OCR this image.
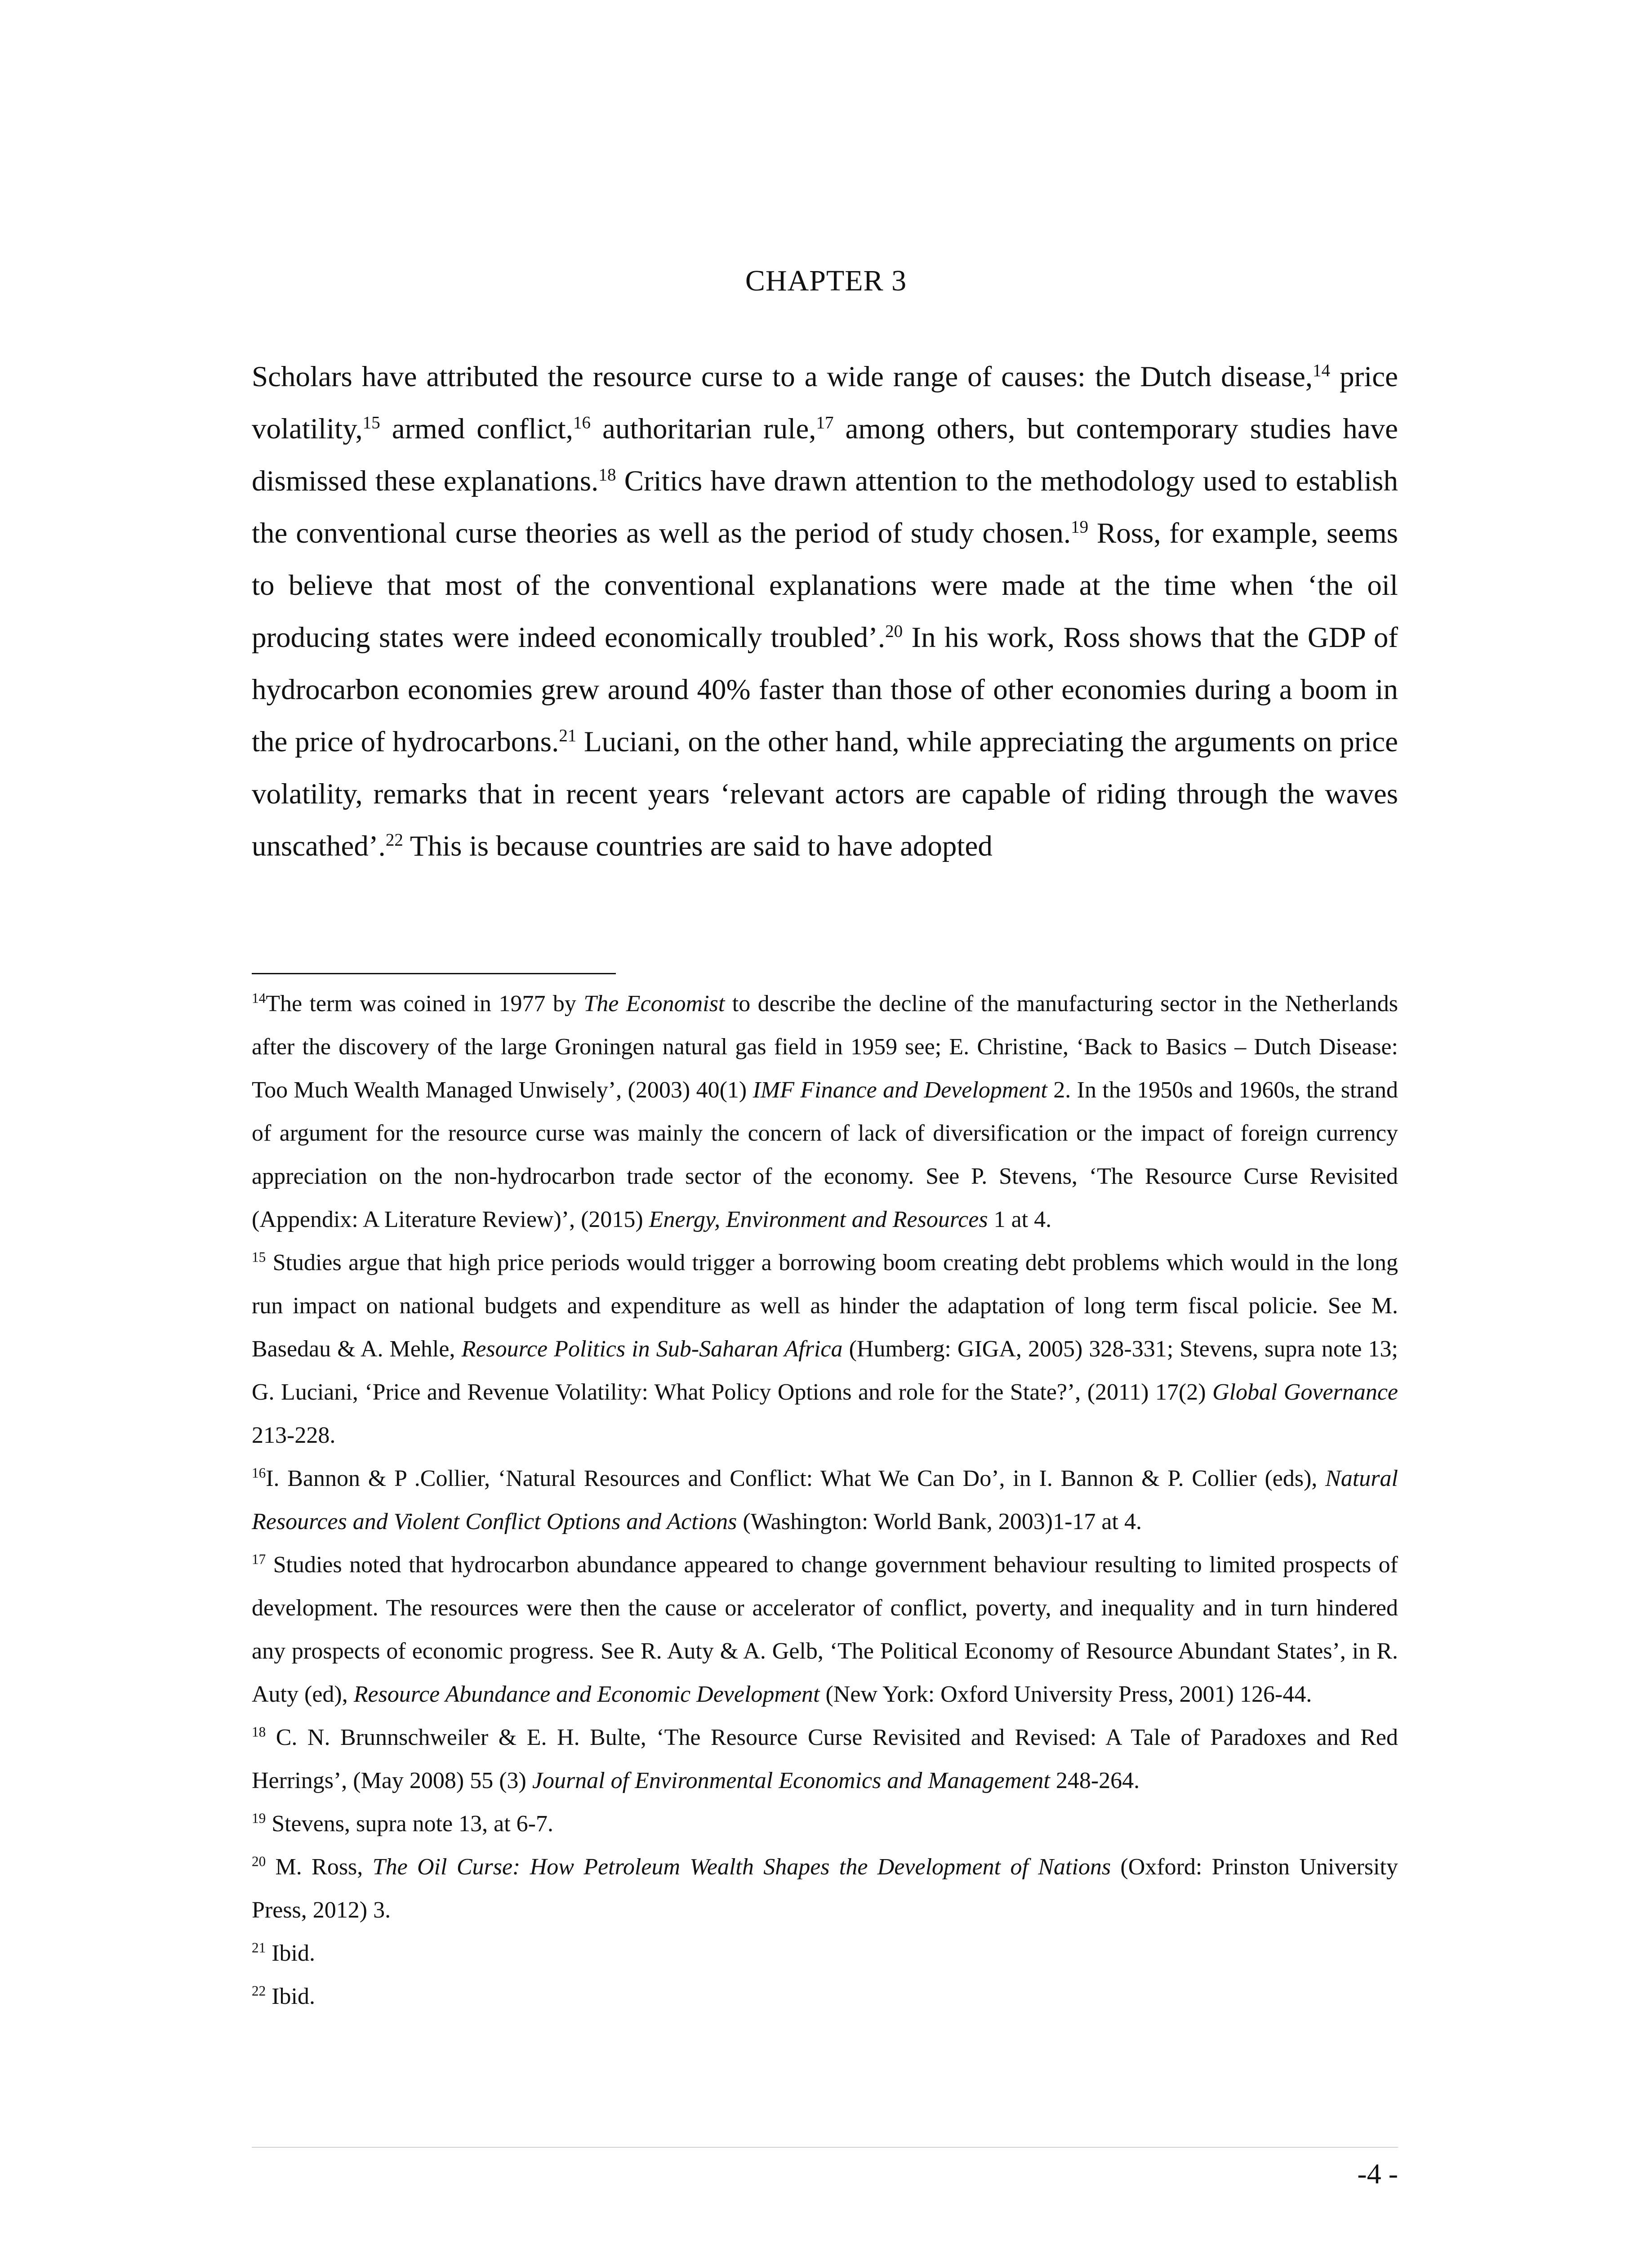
CHAPTER 3

Scholars have attributed the resource curse to a wide range of causes: the Dutch disease,$^{14}$ price volatility,$^{15}$ armed conflict,$^{16}$ authoritarian rule,$^{17}$ among others, but contemporary studies have dismissed these explanations.$^{18}$ Critics have drawn attention to the methodology used to establish the conventional curse theories as well as the period of study chosen.$^{19}$ Ross, for example, seems to believe that most of the conventional explanations were made at the time when ‘the oil producing states were indeed economically troubled’.$^{20}$ In his work, Ross shows that the GDP of hydrocarbon economies grew around 40% faster than those of other economies during a boom in the price of hydrocarbons.$^{21}$ Luciani, on the other hand, while appreciating the arguments on price volatility, remarks that in recent years ‘relevant actors are capable of riding through the waves unscathed’.$^{22}$ This is because countries are said to have adopted

$^{14}$The term was coined in 1977 by The Economist to describe the decline of the manufacturing sector in the Netherlands after the discovery of the large Groningen natural gas field in 1959 see; E. Christine, ‘Back to Basics – Dutch Disease: Too Much Wealth Managed Unwisely’, (2003) 40(1) IMF Finance and Development 2. In the 1950s and 1960s, the strand of argument for the resource curse was mainly the concern of lack of diversification or the impact of foreign currency appreciation on the non-hydrocarbon trade sector of the economy. See P. Stevens, ‘The Resource Curse Revisited (Appendix: A Literature Review)’, (2015) Energy, Environment and Resources 1 at 4.

$^{15}$ Studies argue that high price periods would trigger a borrowing boom creating debt problems which would in the long run impact on national budgets and expenditure as well as hinder the adaptation of long term fiscal policie. See M. Basedau & A. Mehle, Resource Politics in Sub-Saharan Africa (Humberg: GIGA, 2005) 328-331; Stevens, supra note 13; G. Luciani, ‘Price and Revenue Volatility: What Policy Options and role for the State?’, (2011) 17(2) Global Governance 213-228.

$^{16}$I. Bannon & P .Collier, ‘Natural Resources and Conflict: What We Can Do’, in I. Bannon & P. Collier (eds), Natural Resources and Violent Conflict Options and Actions (Washington: World Bank, 2003)1-17 at 4.

$^{17}$ Studies noted that hydrocarbon abundance appeared to change government behaviour resulting to limited prospects of development. The resources were then the cause or accelerator of conflict, poverty, and inequality and in turn hindered any prospects of economic progress. See R. Auty & A. Gelb, ‘The Political Economy of Resource Abundant States’, in R. Auty (ed), Resource Abundance and Economic Development (New York: Oxford University Press, 2001) 126-44.

$^{18}$ C. N. Brunnschweiler & E. H. Bulte, ‘The Resource Curse Revisited and Revised: A Tale of Paradoxes and Red Herrings’, (May 2008) 55 (3) Journal of Environmental Economics and Management 248-264.

$^{19}$ Stevens, supra note 13, at 6-7.

$^{20}$ M. Ross, The Oil Curse: How Petroleum Wealth Shapes the Development of Nations (Oxford: Prinston University Press, 2012) 3.

$^{21}$ Ibid.

$^{22}$ Ibid.

-4 -
